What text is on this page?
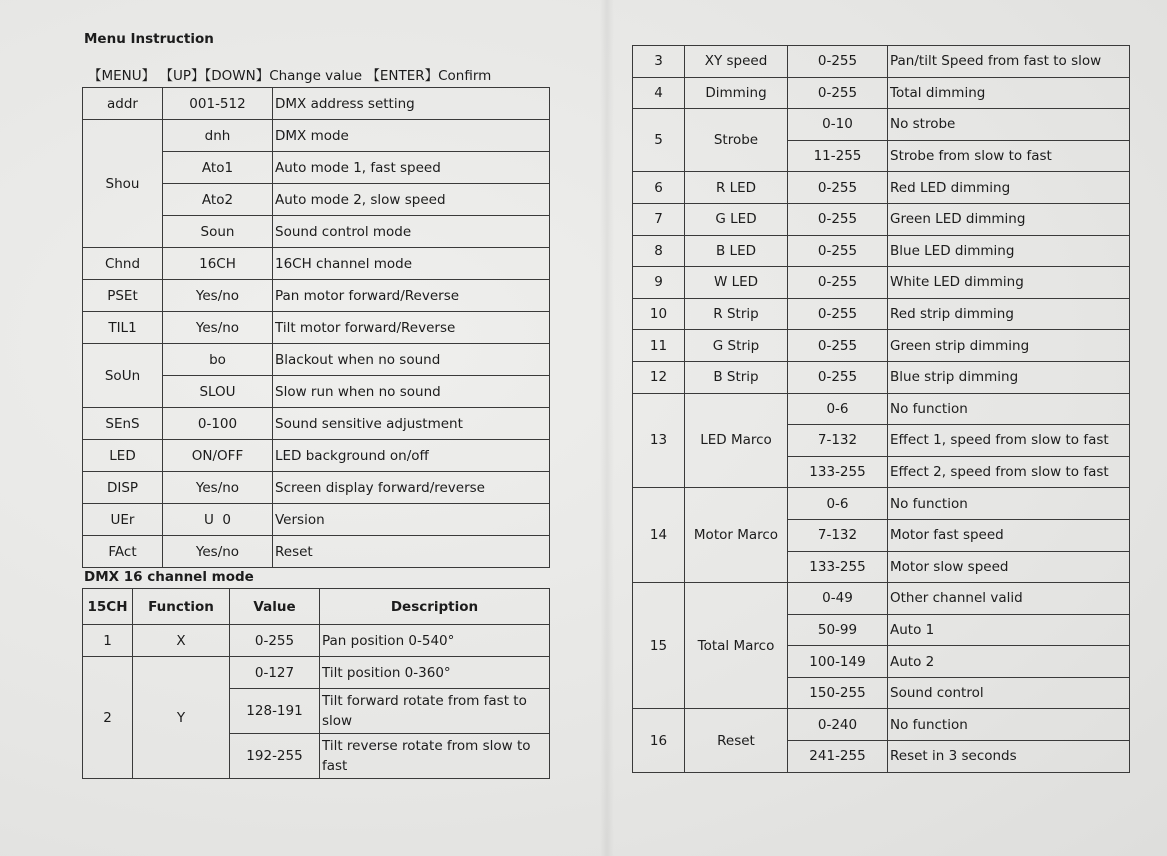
Menu Instruction
【MENU】 【UP】【DOWN】Change value 【ENTER】Confirm
addr	001-512	DMX address setting
Shou	dnh	DMX mode
	Ato1	Auto mode 1, fast speed
	Ato2	Auto mode 2, slow speed
	Soun	Sound control mode
Chnd	16CH	16CH channel mode
PSEt	Yes/no	Pan motor forward/Reverse
TIL1	Yes/no	Tilt motor forward/Reverse
SoUn	bo	Blackout when no sound
	SLOU	Slow run when no sound
SEnS	0-100	Sound sensitive adjustment
LED	ON/OFF	LED background on/off
DISP	Yes/no	Screen display forward/reverse
UEr	U  0	Version
FAct	Yes/no	Reset
DMX 16 channel mode
15CH	Function	Value	Description
1	X	0-255	Pan position 0-540°
2	Y	0-127	Tilt position 0-360°
		128-191	Tilt forward rotate from fast to slow
		192-255	Tilt reverse rotate from slow to fast
3	XY speed	0-255	Pan/tilt Speed from fast to slow
4	Dimming	0-255	Total dimming
5	Strobe	0-10	No strobe
		11-255	Strobe from slow to fast
6	R LED	0-255	Red LED dimming
7	G LED	0-255	Green LED dimming
8	B LED	0-255	Blue LED dimming
9	W LED	0-255	White LED dimming
10	R Strip	0-255	Red strip dimming
11	G Strip	0-255	Green strip dimming
12	B Strip	0-255	Blue strip dimming
13	LED Marco	0-6	No function
		7-132	Effect 1, speed from slow to fast
		133-255	Effect 2, speed from slow to fast
14	Motor Marco	0-6	No function
		7-132	Motor fast speed
		133-255	Motor slow speed
15	Total Marco	0-49	Other channel valid
		50-99	Auto 1
		100-149	Auto 2
		150-255	Sound control
16	Reset	0-240	No function
		241-255	Reset in 3 seconds
